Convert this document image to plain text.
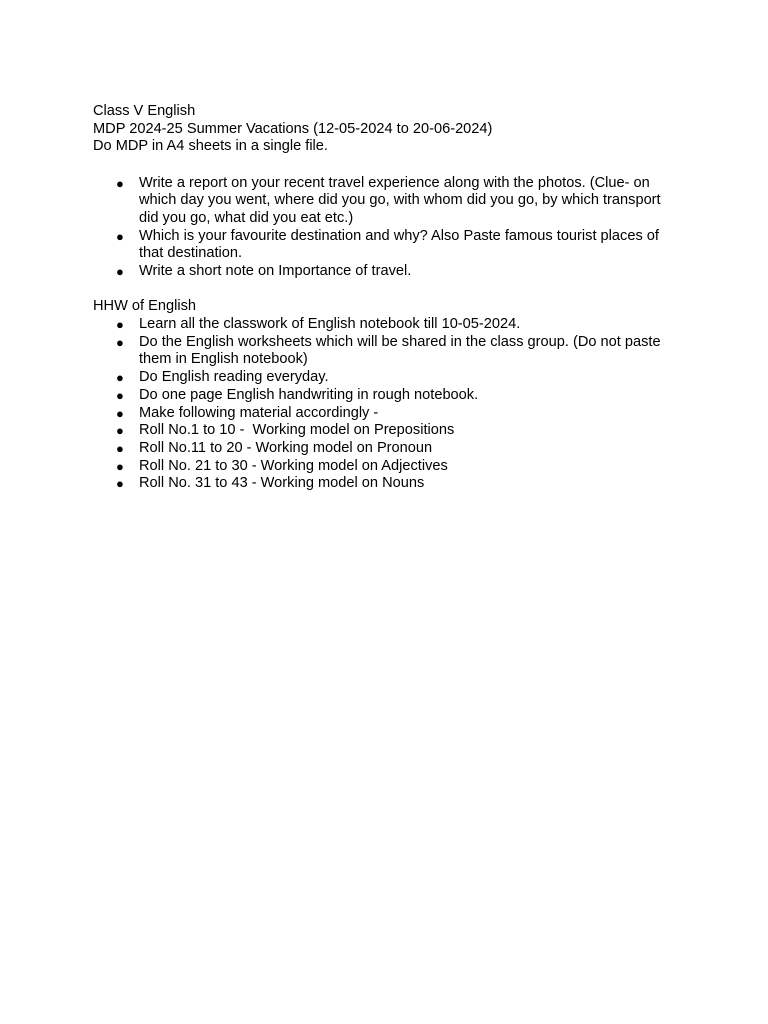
Class V English
MDP 2024-25 Summer Vacations (12-05-2024 to 20-06-2024)
Do MDP in A4 sheets in a single file.
● Write a report on your recent travel experience along with the photos. (Clue- on which day you went, where did you go, with whom did you go, by which transport did you go, what did you eat etc.)
● Which is your favourite destination and why? Also Paste famous tourist places of that destination.
● Write a short note on Importance of travel.
HHW of English
● Learn all the classwork of English notebook till 10-05-2024.
● Do the English worksheets which will be shared in the class group. (Do not paste them in English notebook)
● Do English reading everyday.
● Do one page English handwriting in rough notebook.
● Make following material accordingly -
● Roll No.1 to 10 -  Working model on Prepositions
● Roll No.11 to 20 - Working model on Pronoun
● Roll No. 21 to 30 - Working model on Adjectives
● Roll No. 31 to 43 - Working model on Nouns
